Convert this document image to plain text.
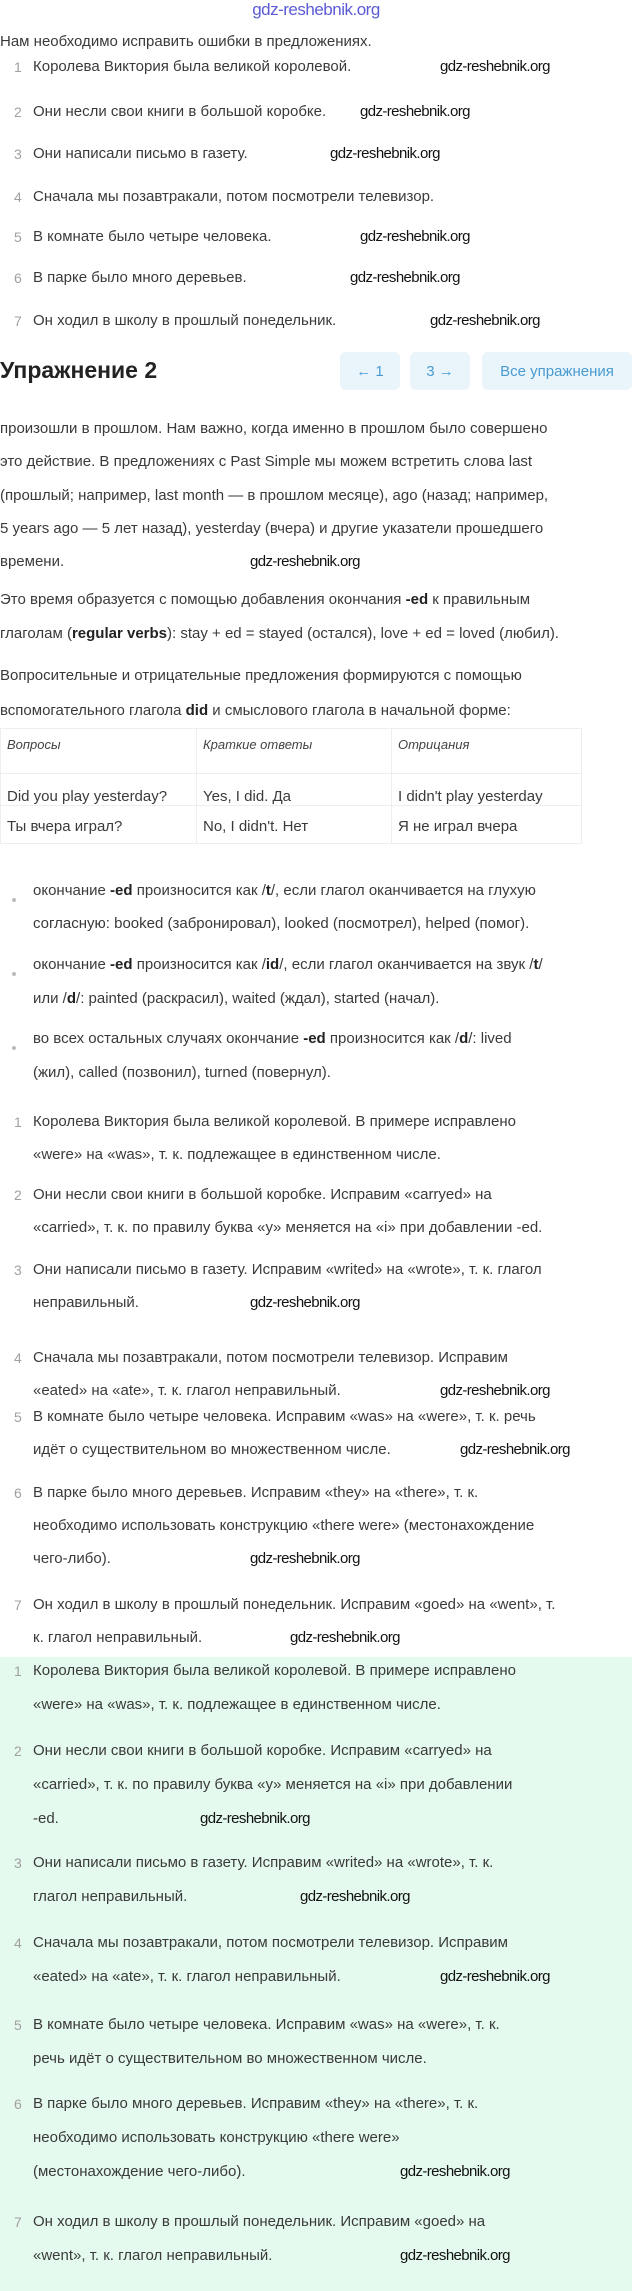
gdz-reshebnik.org
Нам необходимо исправить ошибки в предложениях.
1 Королева Виктория была великой королевой.
2 Они несли свои книги в большой коробке.
3 Они написали письмо в газету.
4 Сначала мы позавтракали, потом посмотрели телевизор.
5 В комнате было четыре человека.
6 В парке было много деревьев.
7 Он ходил в школу в прошлый понедельник.
Упражнение 2	← 1	3 →	Все упражнения
произошли в прошлом. Нам важно, когда именно в прошлом было совершено
это действие. В предложениях с Past Simple мы можем встретить слова last
(прошлый; например, last month — в прошлом месяце), ago (назад; например,
5 years ago — 5 лет назад), yesterday (вчера) и другие указатели прошедшего
времени.
Это время образуется с помощью добавления окончания -ed к правильным
глаголам (regular verbs): stay + ed = stayed (остался), love + ed = loved (любил).
Вопросительные и отрицательные предложения формируются с помощью
вспомогательного глагола did и смыслового глагола в начальной форме:
Вопросы	Краткие ответы	Отрицания
Did you play yesterday?	Yes, I did. Да	I didn't play yesterday
Ты вчера играл?	No, I didn't. Нет	Я не играл вчера
окончание -ed произносится как /t/, если глагол оканчивается на глухую
согласную: booked (забронировал), looked (посмотрел), helped (помог).
окончание -ed произносится как /id/, если глагол оканчивается на звук /t/
или /d/: painted (раскрасил), waited (ждал), started (начал).
во всех остальных случаях окончание -ed произносится как /d/: lived
(жил), called (позвонил), turned (повернул).
1 Королева Виктория была великой королевой. В примере исправлено
«were» на «was», т. к. подлежащее в единственном числе.
2 Они несли свои книги в большой коробке. Исправим «carryed» на
«carried», т. к. по правилу буква «y» меняется на «i» при добавлении -ed.
3 Они написали письмо в газету. Исправим «writed» на «wrote», т. к. глагол
неправильный.
4 Сначала мы позавтракали, потом посмотрели телевизор. Исправим
«eated» на «ate», т. к. глагол неправильный.
5 В комнате было четыре человека. Исправим «was» на «were», т. к. речь
идёт о существительном во множественном числе.
6 В парке было много деревьев. Исправим «they» на «there», т. к.
необходимо использовать конструкцию «there were» (местонахождение
чего-либо).
7 Он ходил в школу в прошлый понедельник. Исправим «goed» на «went», т.
к. глагол неправильный.
1 Королева Виктория была великой королевой. В примере исправлено
«were» на «was», т. к. подлежащее в единственном числе.
2 Они несли свои книги в большой коробке. Исправим «carryed» на
«carried», т. к. по правилу буква «y» меняется на «i» при добавлении
-ed.
3 Они написали письмо в газету. Исправим «writed» на «wrote», т. к.
глагол неправильный.
4 Сначала мы позавтракали, потом посмотрели телевизор. Исправим
«eated» на «ate», т. к. глагол неправильный.
5 В комнате было четыре человека. Исправим «was» на «were», т. к.
речь идёт о существительном во множественном числе.
6 В парке было много деревьев. Исправим «they» на «there», т. к.
необходимо использовать конструкцию «there were»
(местонахождение чего-либо).
7 Он ходил в школу в прошлый понедельник. Исправим «goed» на
«went», т. к. глагол неправильный.
gdz-reshebnik.org
gdz-reshebnik.org
gdz-reshebnik.org
gdz-reshebnik.org
gdz-reshebnik.org
gdz-reshebnik.org
gdz-reshebnik.org
gdz-reshebnik.org
gdz-reshebnik.org
gdz-reshebnik.org
gdz-reshebnik.org
gdz-reshebnik.org
gdz-reshebnik.org
gdz-reshebnik.org
gdz-reshebnik.org
gdz-reshebnik.org
gdz-reshebnik.org
